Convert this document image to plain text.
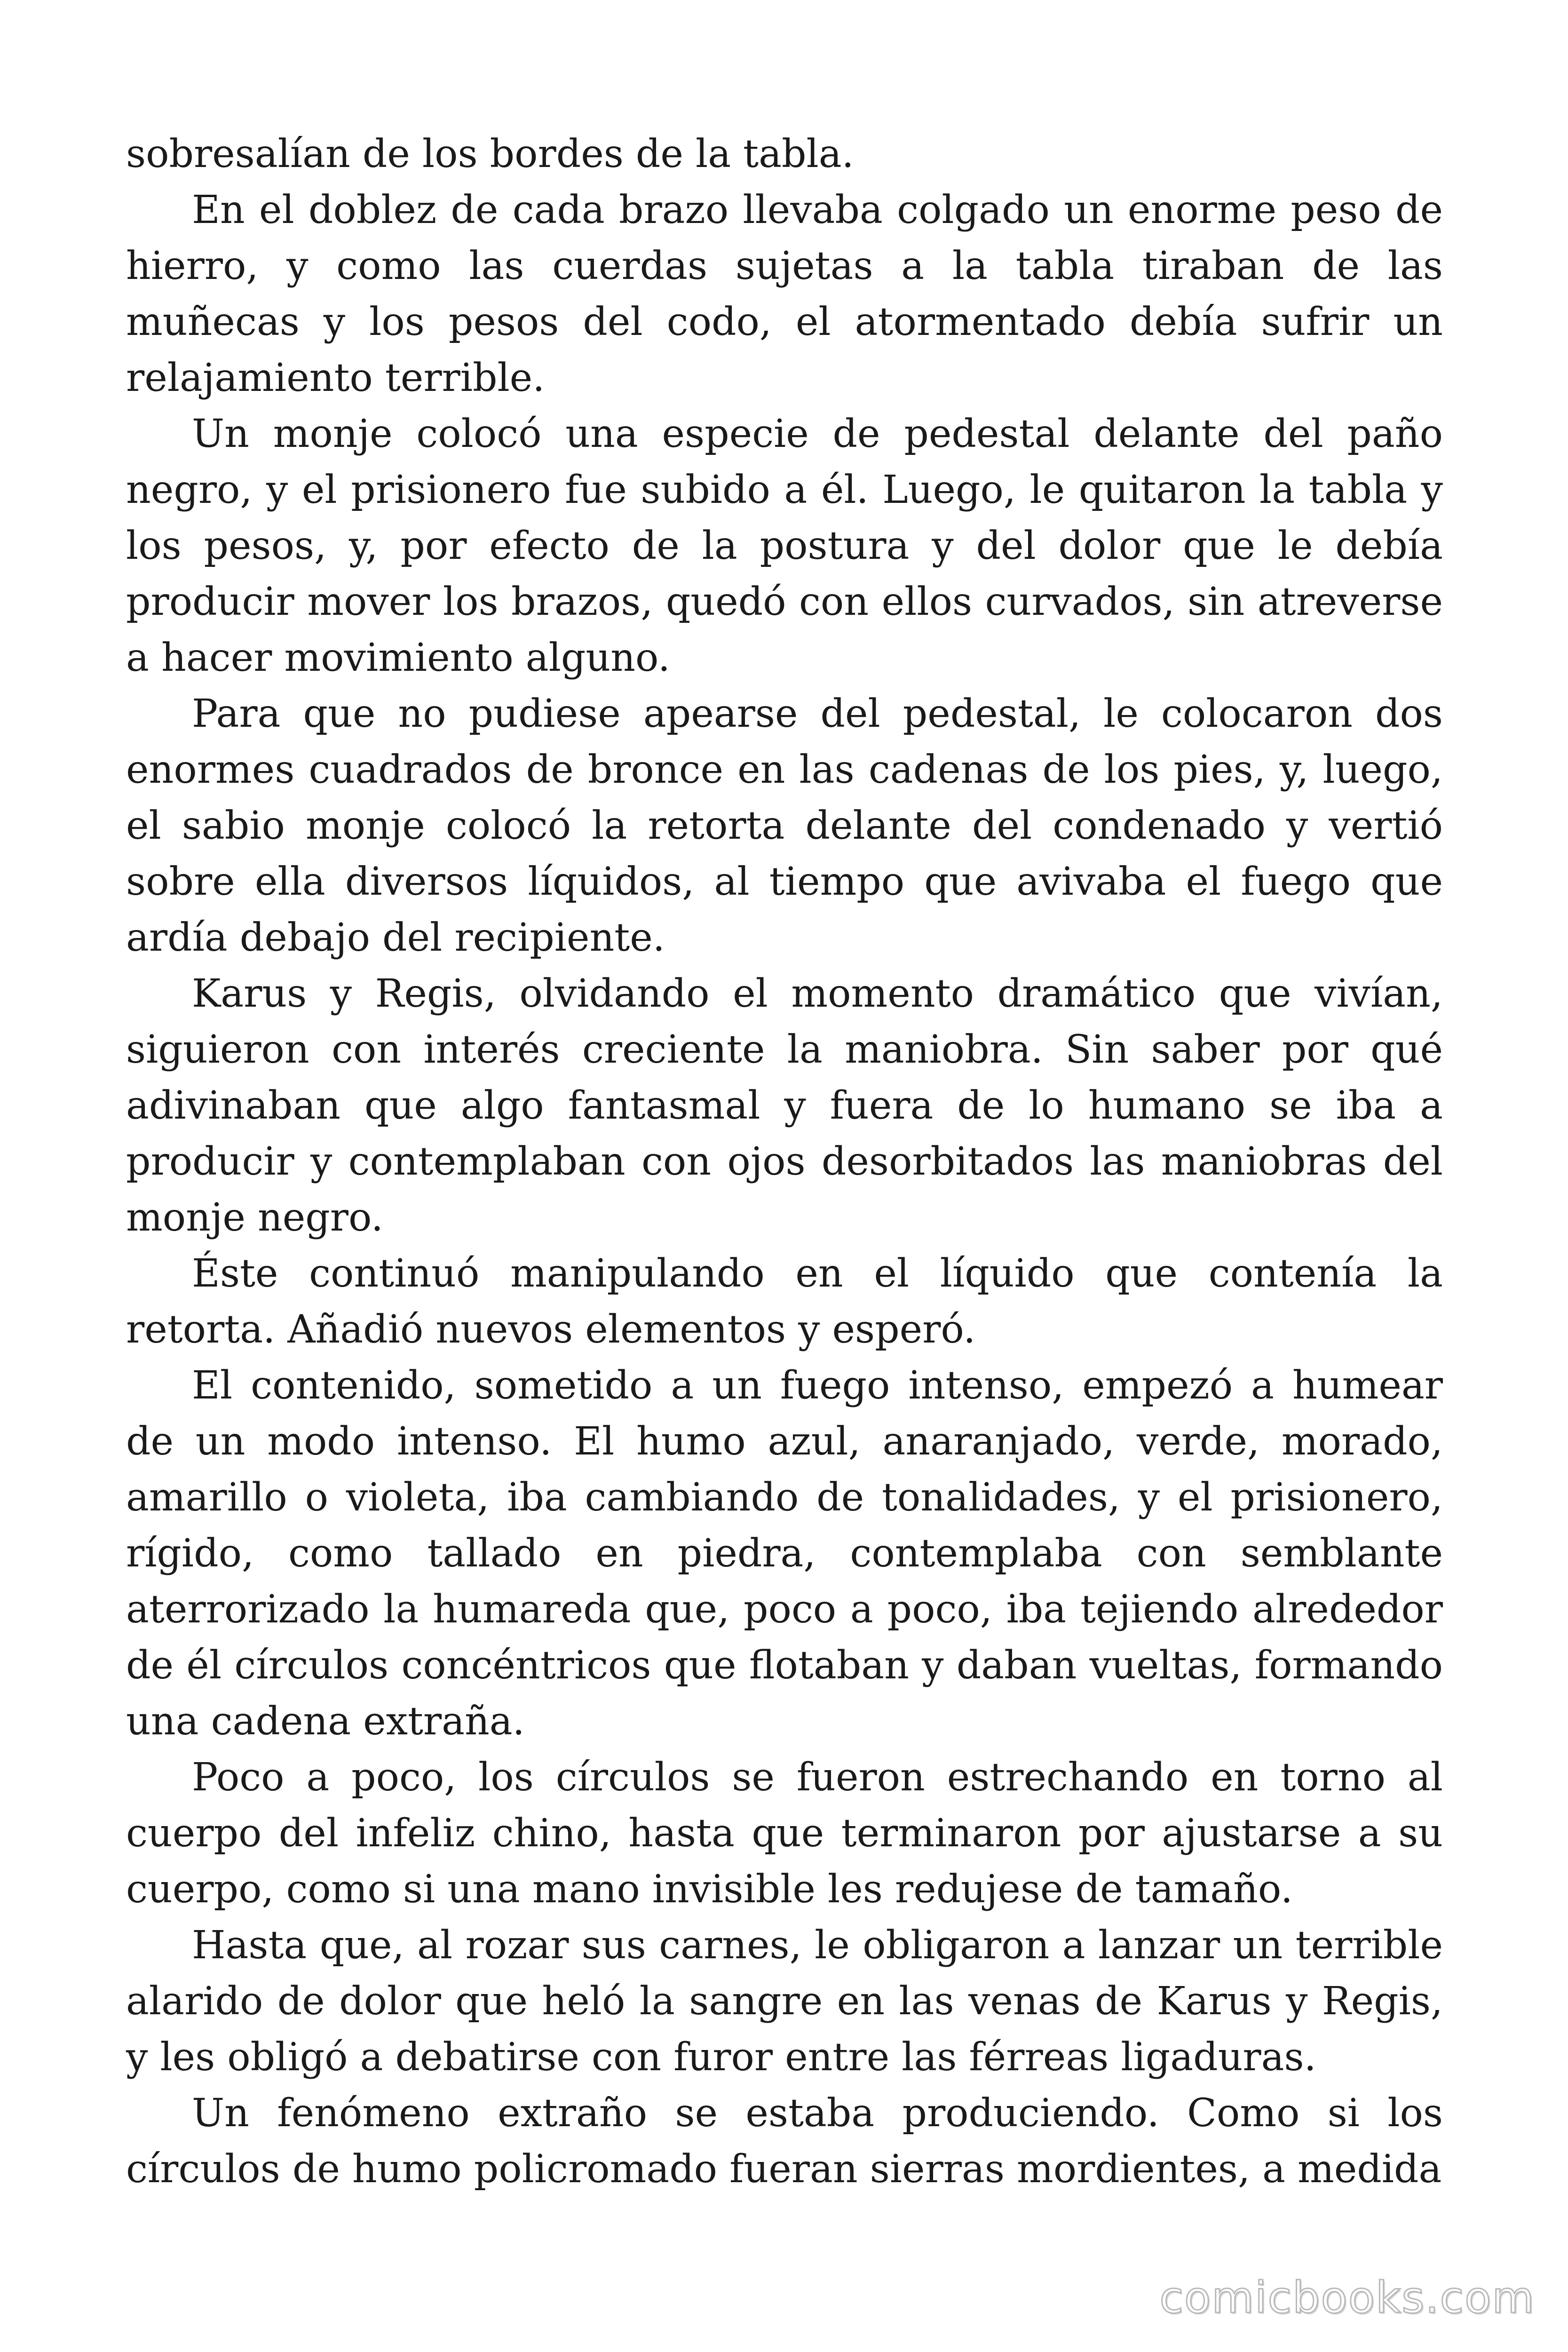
sobresalían de los bordes de la tabla.

En el doblez de cada brazo llevaba colgado un enorme peso de hierro, y como las cuerdas sujetas a la tabla tiraban de las muñecas y los pesos del codo, el atormentado debía sufrir un relajamiento terrible.

Un monje colocó una especie de pedestal delante del paño negro, y el prisionero fue subido a él. Luego, le quitaron la tabla y los pesos, y, por efecto de la postura y del dolor que le debía producir mover los brazos, quedó con ellos curvados, sin atreverse a hacer movimiento alguno.

Para que no pudiese apearse del pedestal, le colocaron dos enormes cuadrados de bronce en las cadenas de los pies, y, luego, el sabio monje colocó la retorta delante del condenado y vertió sobre ella diversos líquidos, al tiempo que avivaba el fuego que ardía debajo del recipiente.

Karus y Regis, olvidando el momento dramático que vivían, siguieron con interés creciente la maniobra. Sin saber por qué adivinaban que algo fantasmal y fuera de lo humano se iba a producir y contemplaban con ojos desorbitados las maniobras del monje negro.

Éste continuó manipulando en el líquido que contenía la retorta. Añadió nuevos elementos y esperó.

El contenido, sometido a un fuego intenso, empezó a humear de un modo intenso. El humo azul, anaranjado, verde, morado, amarillo o violeta, iba cambiando de tonalidades, y el prisionero, rígido, como tallado en piedra, contemplaba con semblante aterrorizado la humareda que, poco a poco, iba tejiendo alrededor de él círculos concéntricos que flotaban y daban vueltas, formando una cadena extraña.

Poco a poco, los círculos se fueron estrechando en torno al cuerpo del infeliz chino, hasta que terminaron por ajustarse a su cuerpo, como si una mano invisible les redujese de tamaño.

Hasta que, al rozar sus carnes, le obligaron a lanzar un terrible alarido de dolor que heló la sangre en las venas de Karus y Regis, y les obligó a debatirse con furor entre las férreas ligaduras.

Un fenómeno extraño se estaba produciendo. Como si los círculos de humo policromado fueran sierras mordientes, a medida

comicbooks.com
